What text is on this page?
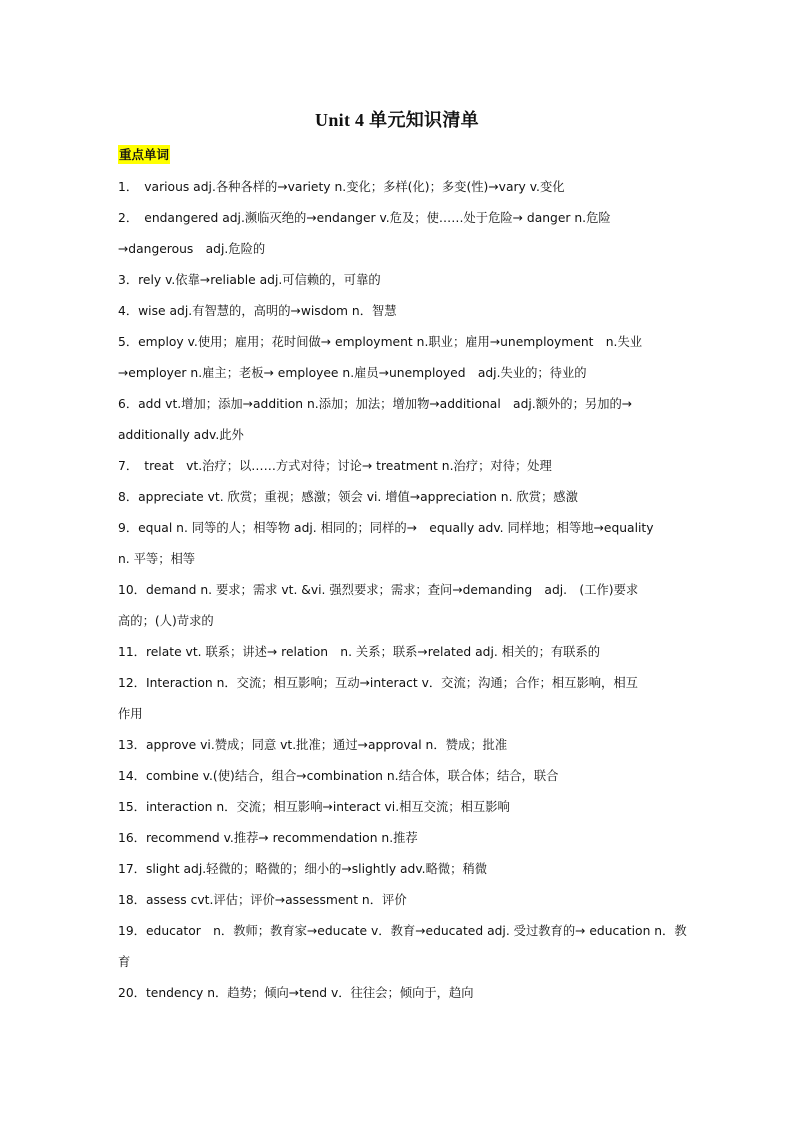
Unit 4 单元知识清单
重点单词
1．　various adj.各种各样的→variety n.变化；多样(化)；多变(性)→vary v.变化
2．　endangered adj.濒临灭绝的→endanger v.危及；使……处于危险→ danger n.危险
→dangerous　adj.危险的
3．rely v.依靠→reliable adj.可信赖的，可靠的
4．wise adj.有智慧的，高明的→wisdom n．智慧
5．employ v.使用；雇用；花时间做→ employment n.职业；雇用→unemployment　n.失业
→employer n.雇主；老板→ employee n.雇员→unemployed　adj.失业的；待业的
6．add vt.增加；添加→addition n.添加；加法；增加物→additional　adj.额外的；另加的→
additionally adv.此外
7．　treat　vt.治疗；以……方式对待；讨论→ treatment n.治疗；对待；处理
8．appreciate vt. 欣赏；重视；感激；领会 vi. 增值→appreciation n. 欣赏；感激
9．equal n. 同等的人；相等物 adj. 相同的；同样的→　equally adv. 同样地；相等地→equality
n. 平等；相等
10．demand n. 要求；需求 vt. &vi. 强烈要求；需求；查问→demanding　adj.　(工作)要求
高的；(人)苛求的
11．relate vt. 联系；讲述→ relation　n. 关系；联系→related adj. 相关的；有联系的
12．Interaction n．交流；相互影响；互动→interact v．交流；沟通；合作；相互影响，相互
作用
13．approve vi.赞成；同意 vt.批准；通过→approval n．赞成；批准
14．combine v.(使)结合，组合→combination n.结合体，联合体；结合，联合
15．interaction n．交流；相互影响→interact vi.相互交流；相互影响
16．recommend v.推荐→ recommendation n.推荐
17．slight adj.轻微的；略微的；细小的→slightly adv.略微；稍微
18．assess cvt.评估；评价→assessment n．评价
19．educator　n．教师；教育家→educate v．教育→educated adj. 受过教育的→ education n．教
育
20．tendency n．趋势；倾向→tend v．往往会；倾向于，趋向
